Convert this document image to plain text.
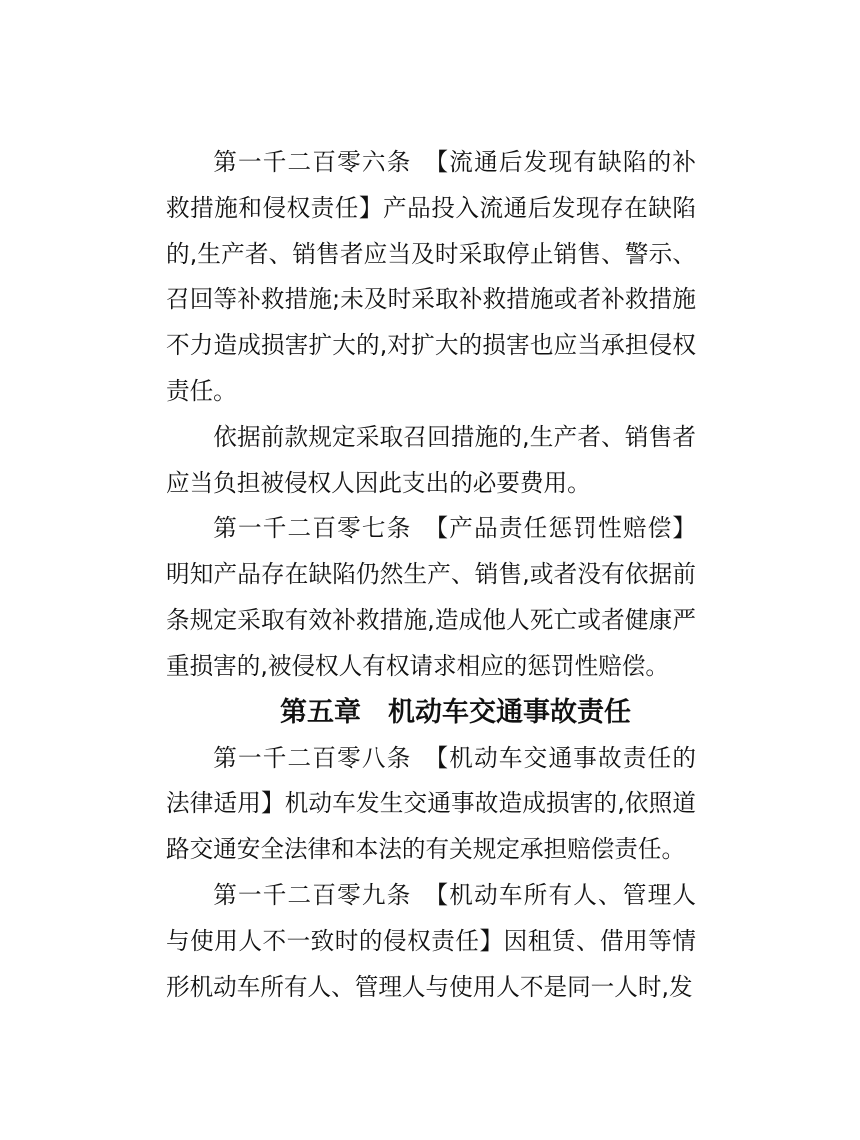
第一千二百零六条　【流通后发现有缺陷的补救措施和侵权责任】产品投入流通后发现存在缺陷的,生产者、销售者应当及时采取停止销售、警示、召回等补救措施;未及时采取补救措施或者补救措施不力造成损害扩大的,对扩大的损害也应当承担侵权责任。

依据前款规定采取召回措施的,生产者、销售者应当负担被侵权人因此支出的必要费用。

第一千二百零七条　【产品责任惩罚性赔偿】明知产品存在缺陷仍然生产、销售,或者没有依据前条规定采取有效补救措施,造成他人死亡或者健康严重损害的,被侵权人有权请求相应的惩罚性赔偿。

第五章　机动车交通事故责任

第一千二百零八条　【机动车交通事故责任的法律适用】机动车发生交通事故造成损害的,依照道路交通安全法律和本法的有关规定承担赔偿责任。

第一千二百零九条　【机动车所有人、管理人与使用人不一致时的侵权责任】因租赁、借用等情形机动车所有人、管理人与使用人不是同一人时,发
